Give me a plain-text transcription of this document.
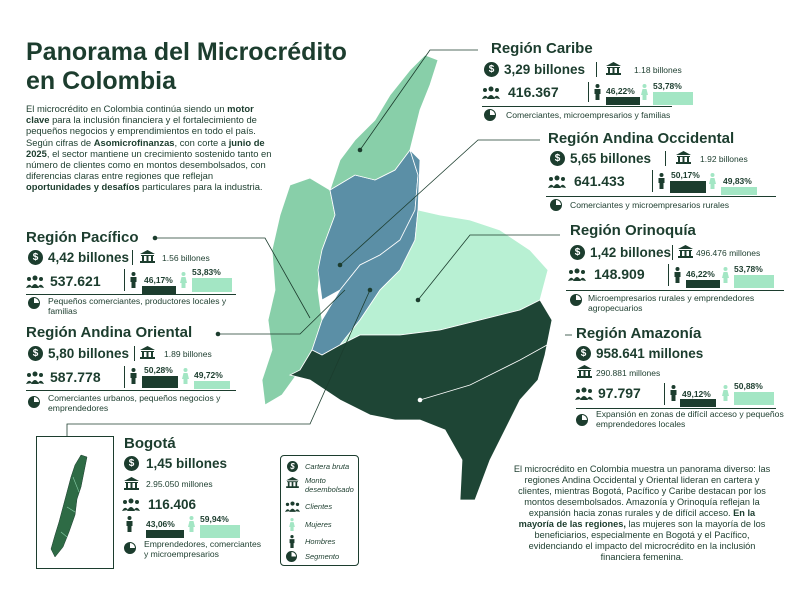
Panorama del Microcrédito
en Colombia
El microcrédito en Colombia continúa siendo un motor clave para la inclusión financiera y el fortalecimiento de pequeños negocios y emprendimientos en todo el país. Según cifras de Asomicrofinanzas, con corte a junio de 2025, el sector mantiene un crecimiento sostenido tanto en número de clientes como en montos desembolsados, con diferencias claras entre regiones que reflejan oportunidades y desafíos particulares para la industria.
Región Caribe
$ 3,29 billones	1.18 billones
416.367	46,22% 53,78%
Comerciantes, microempresarios y familias
Región Andina Occidental
$ 5,65 billones	1.92 billones
641.433	50,17%
49,83%
Comerciantes y microempresarios rurales
Región Orinoquía
$ 1,42 billones	496.476 millones
148.909	46,22% 53,78%
Microempresarios rurales y emprendedores agropecuarios
Región Amazonía
$ 958.641 millones
290.881 millones
97.797	49,12%
50,88%
Expansión en zonas de difícil acceso y pequeños emprendedores locales
Región Pacífico
$ 4,42 billones	1.56 billones
537.621	46,17%
53,83%
Pequeños comerciantes, productores locales y familias
Región Andina Oriental
$ 5,80 billones	1.89 billones
587.778	50,28% 49,72%
Comerciantes urbanos, pequeños negocios y emprendedores
Bogotá
$ 1,45 billones
2.95.050 millones
116.406
43,06%	59,94%
Emprendedores, comerciantes y microempresarios
$	Cartera bruta
Monto desembolsado
Clientes
Mujeres
Hombres
Segmento
El microcrédito en Colombia muestra un panorama diverso: las regiones Andina Occidental y Oriental lideran en cartera y clientes, mientras Bogotá, Pacífico y Caribe destacan por los montos desembolsados. Amazonía y Orinoquía reflejan la expansión hacia zonas rurales y de difícil acceso. En la mayoría de las regiones, las mujeres son la mayoría de los beneficiarios, especialmente en Bogotá y el Pacífico, evidenciando el impacto del microcrédito en la inclusión financiera femenina.
